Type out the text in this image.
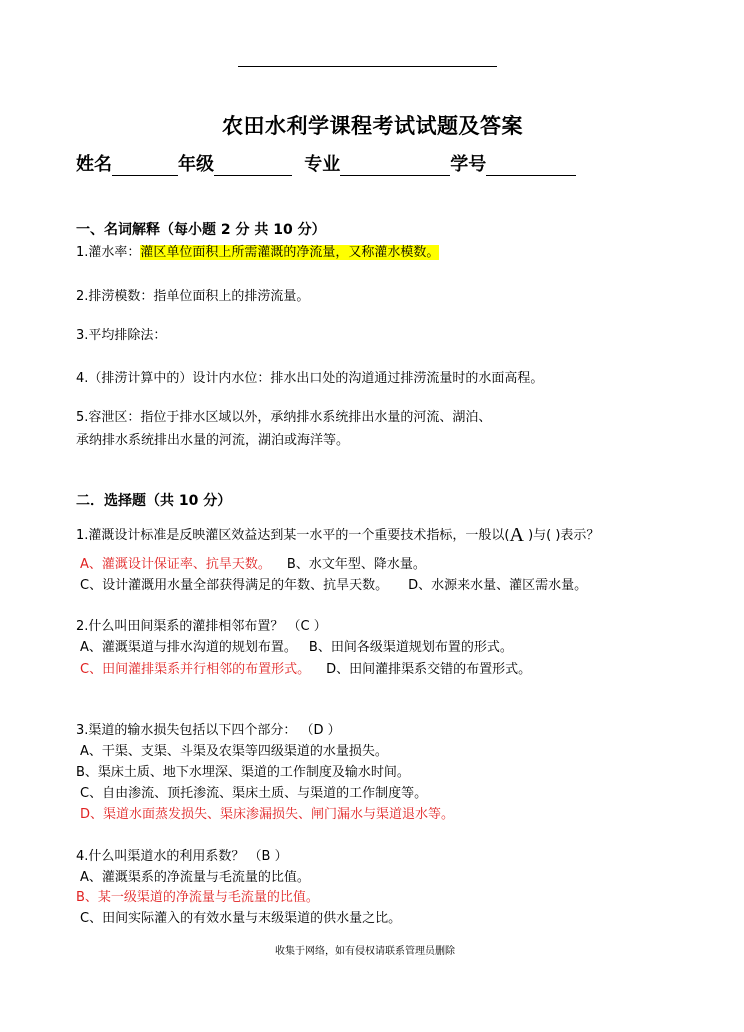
农田水利学课程考试试题及答案
姓名	年级	专业	学号
一、名词解释（每小题 2 分 共 10 分）
1.灌水率：灌区单位面积上所需灌溉的净流量，又称灌水模数。
2.排涝模数：指单位面积上的排涝流量。
3.平均排除法：
4.（排涝计算中的）设计内水位：排水出口处的沟道通过排涝流量时的水面高程。
5.容泄区：指位于排水区域以外，承纳排水系统排出水量的河流、湖泊、
承纳排水系统排出水量的河流，湖泊或海洋等。
二．选择题（共 10 分）
1.灌溉设计标准是反映灌区效益达到某一水平的一个重要技术指标，一般以(A )与( )表示？
A、灌溉设计保证率、抗旱天数。 B、水文年型、降水量。
C、设计灌溉用水量全部获得满足的年数、抗旱天数。 D、水源来水量、灌区需水量。
2.什么叫田间渠系的灌排相邻布置？ （C ）
A、灌溉渠道与排水沟道的规划布置。 B、田间各级渠道规划布置的形式。
C、田间灌排渠系并行相邻的布置形式。 D、田间灌排渠系交错的布置形式。
3.渠道的输水损失包括以下四个部分： （D ）
A、干渠、支渠、斗渠及农渠等四级渠道的水量损失。
B、渠床土质、地下水埋深、渠道的工作制度及输水时间。
C、自由渗流、顶托渗流、渠床土质、与渠道的工作制度等。
D、渠道水面蒸发损失、渠床渗漏损失、闸门漏水与渠道退水等。
4.什么叫渠道水的利用系数？ （B ）
A、灌溉渠系的净流量与毛流量的比值。
B、某一级渠道的净流量与毛流量的比值。
C、田间实际灌入的有效水量与末级渠道的供水量之比。
收集于网络，如有侵权请联系管理员删除
